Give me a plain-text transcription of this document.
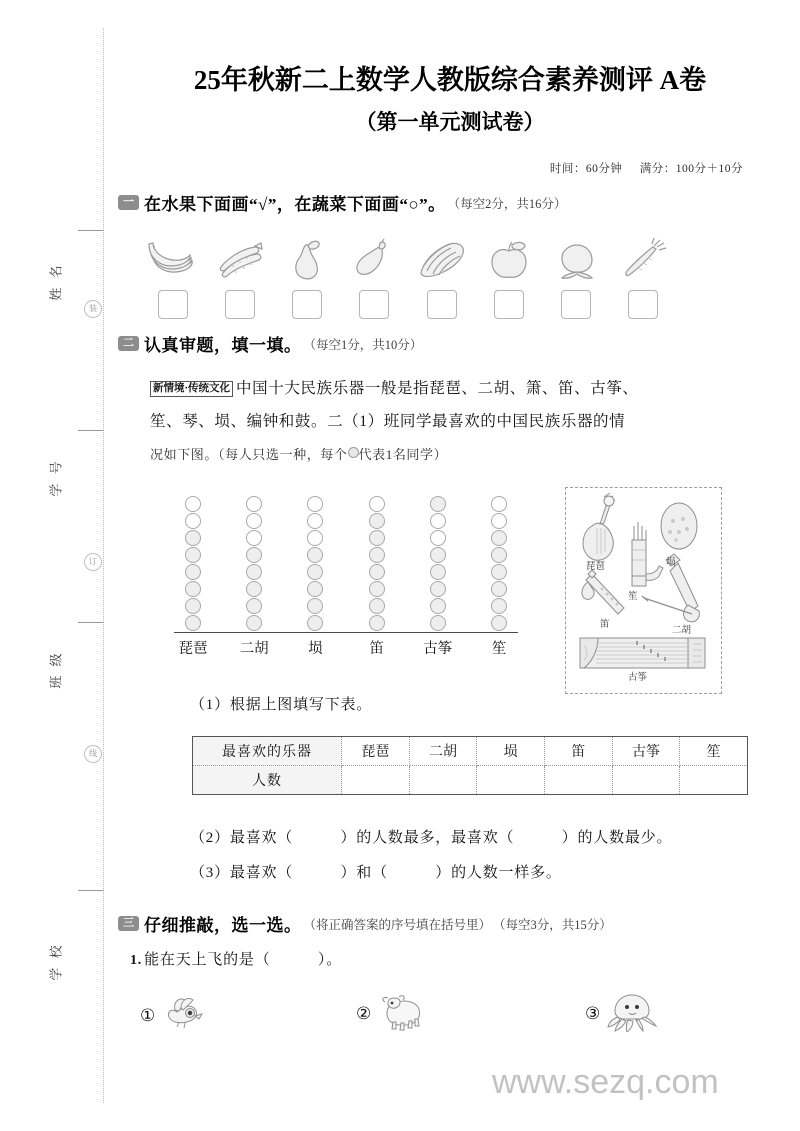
姓 名
学 号
班 级
学 校
装
订
线
25年秋新二上数学人教版综合素养测评 A卷
（第一单元测试卷）
时间：60分钟 满分：100分＋10分
一 在水果下面画“√”，在蔬菜下面画“○”。 （每空2分，共16分）
二 认真审题，填一填。 （每空1分，共10分）
新情境·传统文化 中国十大民族乐器一般是指琵琶、二胡、箫、笛、古筝、
笙、琴、埙、编钟和鼓。二（1）班同学最喜欢的中国民族乐器的情
况如下图。（每人只选一种，每个 代表1名同学）
琵琶 二胡	埙	笛	古筝	笙
琵琶	埙
笙
笛
二胡
古筝
（1）根据上图填写下表。
最喜欢的乐器	琵琶	二胡	埙	笛	古筝	笙
人数						
（2）最喜欢（　　　）的人数最多，最喜欢（　　　）的人数最少。
（3）最喜欢（　　　）和（　　　）的人数一样多。
三 仔细推敲，选一选。 （将正确答案的序号填在括号里） （每空3分，共15分）
1. 能在天上飞的是（　　　）。
①	②	③
www.sezq.com
